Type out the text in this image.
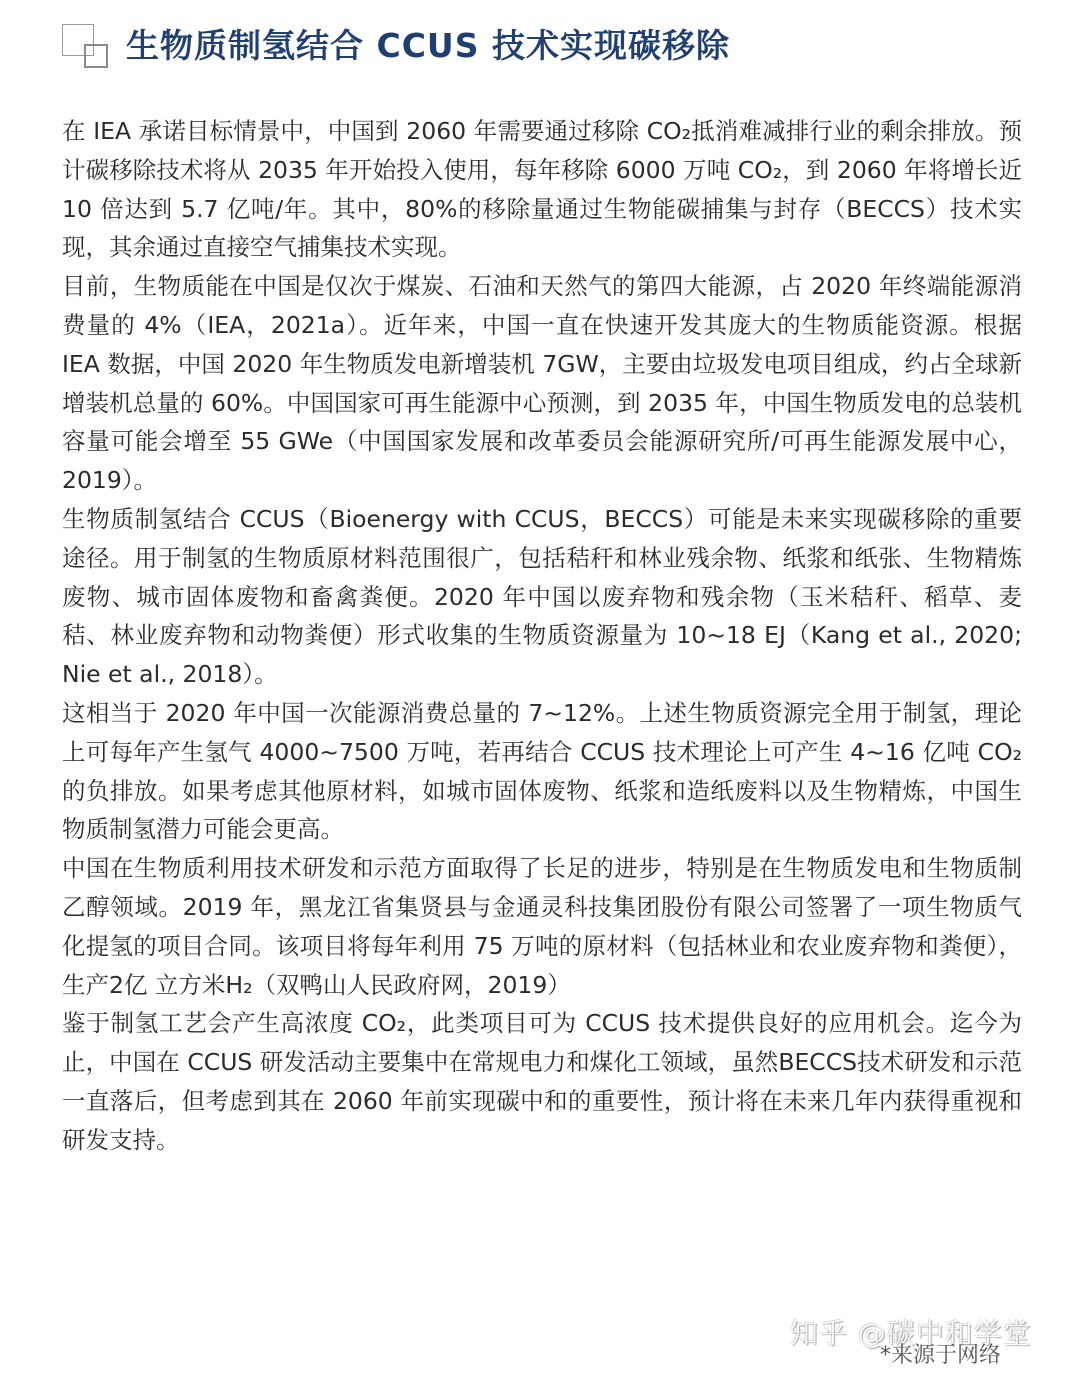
生物质制氢结合 CCUS 技术实现碳移除

在 IEA 承诺目标情景中，中国到 2060 年需要通过移除 CO₂抵消难减排行业的剩余排放。预计碳移除技术将从 2035 年开始投入使用，每年移除 6000 万吨 CO₂，到 2060 年将增长近 10 倍达到 5.7 亿吨/年。其中，80%的移除量通过生物能碳捕集与封存（BECCS）技术实现，其余通过直接空气捕集技术实现。

目前，生物质能在中国是仅次于煤炭、石油和天然气的第四大能源，占 2020 年终端能源消费量的 4%（IEA，2021a）。近年来，中国一直在快速开发其庞大的生物质能资源。根据 IEA 数据，中国 2020 年生物质发电新增装机 7GW，主要由垃圾发电项目组成，约占全球新增装机总量的 60%。中国国家可再生能源中心预测，到 2035 年，中国生物质发电的总装机容量可能会增至 55 GWe（中国国家发展和改革委员会能源研究所/可再生能源发展中心，2019）。

生物质制氢结合 CCUS（Bioenergy with CCUS，BECCS）可能是未来实现碳移除的重要途径。用于制氢的生物质原材料范围很广，包括秸秆和林业残余物、纸浆和纸张、生物精炼废物、城市固体废物和畜禽粪便。2020 年中国以废弃物和残余物（玉米秸秆、稻草、麦秸、林业废弃物和动物粪便）形式收集的生物质资源量为 10~18 EJ（Kang et al., 2020; Nie et al., 2018）。

这相当于 2020 年中国一次能源消费总量的 7~12%。上述生物质资源完全用于制氢，理论上可每年产生氢气 4000~7500 万吨，若再结合 CCUS 技术理论上可产生 4~16 亿吨 CO₂ 的负排放。如果考虑其他原材料，如城市固体废物、纸浆和造纸废料以及生物精炼，中国生物质制氢潜力可能会更高。

中国在生物质利用技术研发和示范方面取得了长足的进步，特别是在生物质发电和生物质制乙醇领域。2019 年，黑龙江省集贤县与金通灵科技集团股份有限公司签署了一项生物质气化提氢的项目合同。该项目将每年利用 75 万吨的原材料（包括林业和农业废弃物和粪便），生产2亿 立方米H₂（双鸭山人民政府网，2019）

鉴于制氢工艺会产生高浓度 CO₂，此类项目可为 CCUS 技术提供良好的应用机会。迄今为止，中国在 CCUS 研发活动主要集中在常规电力和煤化工领域，虽然BECCS技术研发和示范一直落后，但考虑到其在 2060 年前实现碳中和的重要性，预计将在未来几年内获得重视和研发支持。

知乎 @碳中和学堂
*来源于网络
